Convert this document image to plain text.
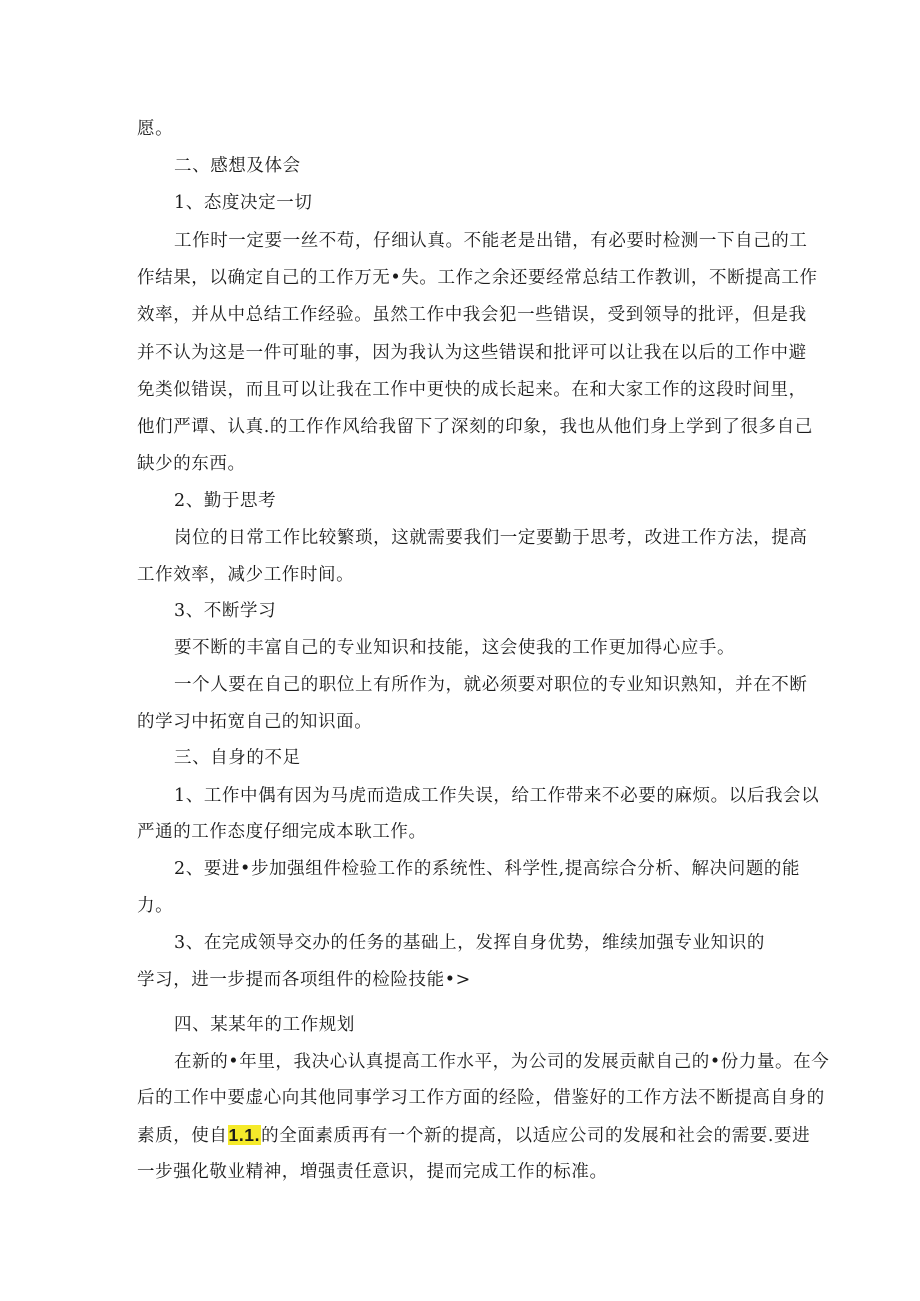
愿。
二、感想及体会
1、态度决定一切
工作时一定要一丝不苟，仔细认真。不能老是出错，有必要时检测一下自己的工
作结果，以确定自己的工作万无•失。工作之余还要经常总结工作教训，不断提高工作
效率，并从中总结工作经验。虽然工作中我会犯一些错误，受到领导的批评，但是我
并不认为这是一件可耻的事，因为我认为这些错误和批评可以让我在以后的工作中避
免类似错误，而且可以让我在工作中更快的成长起来。在和大家工作的这段时间里，
他们严谭、认真.的工作作风给我留下了深刻的印象，我也从他们身上学到了很多自己
缺少的东西。
2、勤于思考
岗位的日常工作比较繁琐，这就需要我们一定要勤于思考，改进工作方法，提高
工作效率，减少工作时间。
3、不断学习
要不断的丰富自己的专业知识和技能，这会使我的工作更加得心应手。
一个人要在自己的职位上有所作为，就必须要对职位的专业知识熟知，并在不断
的学习中拓宽自己的知识面。
三、自身的不足
1、工作中偶有因为马虎而造成工作失误，给工作带来不必要的麻烦。以后我会以
严通的工作态度仔细完成本耿工作。
2、要进•步加强组件检验工作的系统性、科学性,提高综合分析、解决问题的能
力。
3、在完成领导交办的任务的基础上，发挥自身优势，维续加强专业知识的
学习，进一步提而各项组件的检险技能•>
四、某某年的工作规划
在新的•年里，我决心认真提高工作水平，为公司的发展贡献自己的•份力量。在今
后的工作中要虚心向其他同事学习工作方面的经险，借鉴好的工作方法不断提高自身的
素质，使自1.1.的全面素质再有一个新的提高，以适应公司的发展和社会的需要.要进
一步强化敬业精神，増强责任意识，提而完成工作的标准。
